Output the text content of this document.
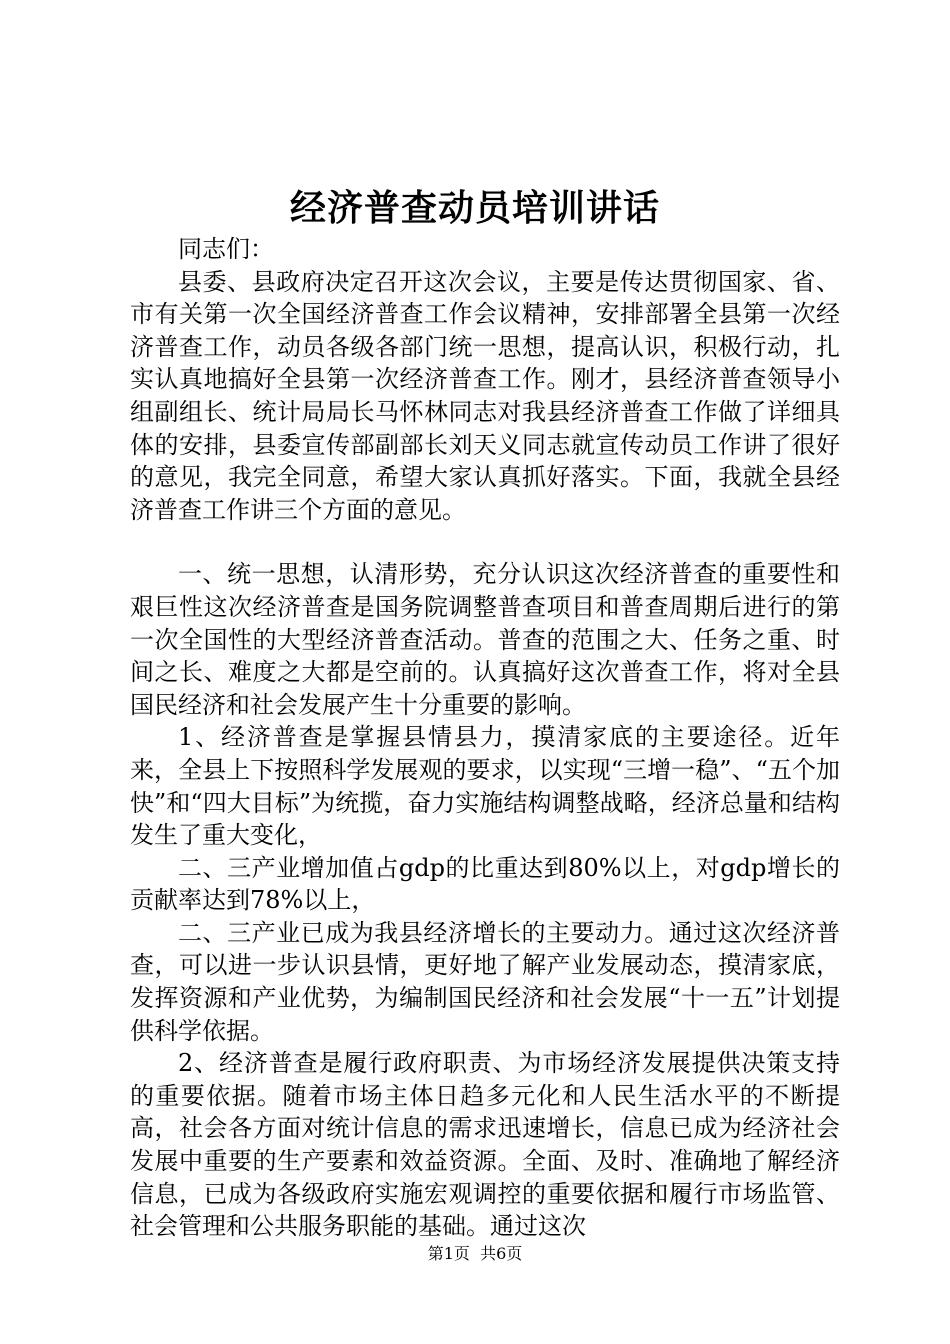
经济普查动员培训讲话

同志们：

县委、县政府决定召开这次会议，主要是传达贯彻国家、省、市有关第一次全国经济普查工作会议精神，安排部署全县第一次经济普查工作，动员各级各部门统一思想，提高认识，积极行动，扎实认真地搞好全县第一次经济普查工作。刚才，县经济普查领导小组副组长、统计局局长马怀林同志对我县经济普查工作做了详细具体的安排，县委宣传部副部长刘天义同志就宣传动员工作讲了很好的意见，我完全同意，希望大家认真抓好落实。下面，我就全县经济普查工作讲三个方面的意见。

一、统一思想，认清形势，充分认识这次经济普查的重要性和艰巨性这次经济普查是国务院调整普查项目和普查周期后进行的第一次全国性的大型经济普查活动。普查的范围之大、任务之重、时间之长、难度之大都是空前的。认真搞好这次普查工作，将对全县国民经济和社会发展产生十分重要的影响。

1、经济普查是掌握县情县力，摸清家底的主要途径。近年来，全县上下按照科学发展观的要求，以实现“三增一稳”、“五个加快”和“四大目标”为统揽，奋力实施结构调整战略，经济总量和结构发生了重大变化，

二、三产业增加值占gdp的比重达到80%以上，对gdp增长的贡献率达到78%以上，

二、三产业已成为我县经济增长的主要动力。通过这次经济普查，可以进一步认识县情，更好地了解产业发展动态，摸清家底，发挥资源和产业优势，为编制国民经济和社会发展“十一五”计划提供科学依据。

2、经济普查是履行政府职责、为市场经济发展提供决策支持的重要依据。随着市场主体日趋多元化和人民生活水平的不断提高，社会各方面对统计信息的需求迅速增长，信息已成为经济社会发展中重要的生产要素和效益资源。全面、及时、准确地了解经济信息，已成为各级政府实施宏观调控的重要依据和履行市场监管、社会管理和公共服务职能的基础。通过这次

第1页  共6页
